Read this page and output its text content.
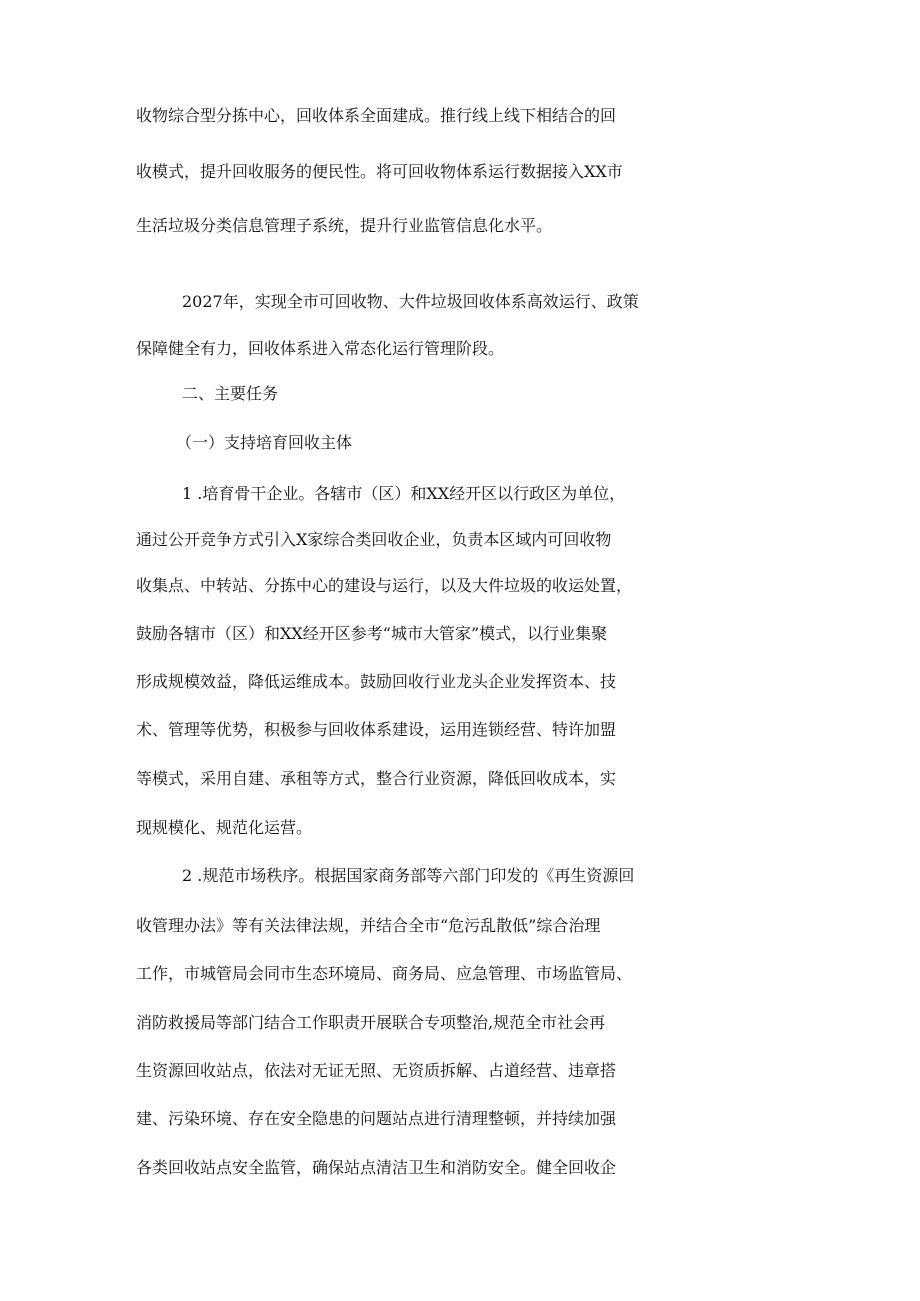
收物综合型分拣中心，回收体系全面建成。推行线上线下相结合的回
收模式，提升回收服务的便民性。将可回收物体系运行数据接入XX市
生活垃圾分类信息管理子系统，提升行业监管信息化水平。
2027年，实现全市可回收物、大件垃圾回收体系高效运行、政策
保障健全有力，回收体系进入常态化运行管理阶段。
二、主要任务
（一）支持培育回收主体
1 .培育骨干企业。各辖市（区）和XX经开区以行政区为单位，
通过公开竞争方式引入X家综合类回收企业，负责本区域内可回收物
收集点、中转站、分拣中心的建设与运行，以及大件垃圾的收运处置，
鼓励各辖市（区）和XX经开区参考“城市大管家”模式，以行业集聚
形成规模效益，降低运维成本。鼓励回收行业龙头企业发挥资本、技
术、管理等优势，积极参与回收体系建设，运用连锁经营、特许加盟
等模式，采用自建、承租等方式，整合行业资源，降低回收成本，实
现规模化、规范化运营。
2 .规范市场秩序。根据国家商务部等六部门印发的《再生资源回
收管理办法》等有关法律法规，并结合全市“危污乱散低”综合治理
工作，市城管局会同市生态环境局、商务局、应急管理、市场监管局、
消防救援局等部门结合工作职责开展联合专项整治,规范全市社会再
生资源回收站点，依法对无证无照、无资质拆解、占道经营、违章搭
建、污染环境、存在安全隐患的问题站点进行清理整顿，并持续加强
各类回收站点安全监管，确保站点清洁卫生和消防安全。健全回收企
